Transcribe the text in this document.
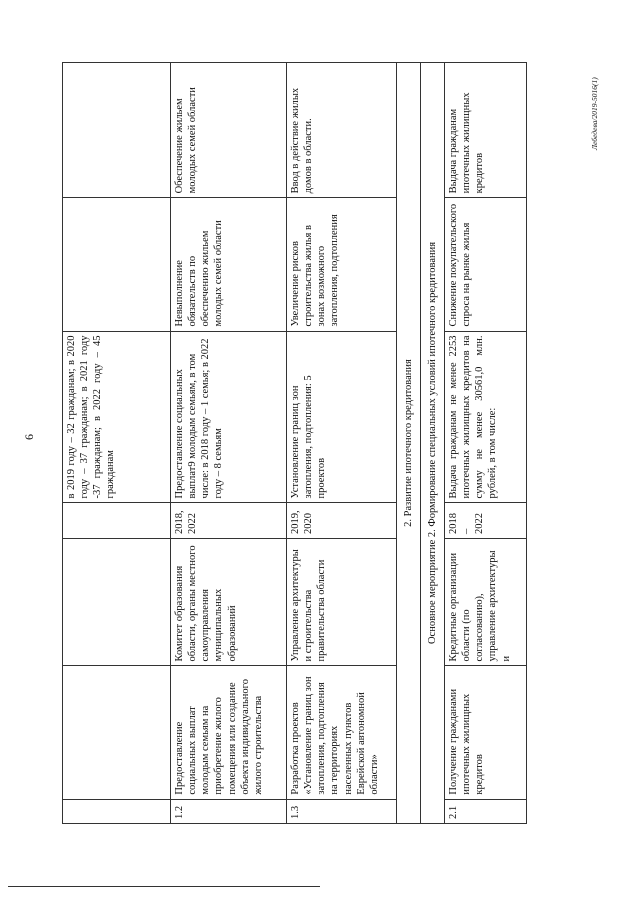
6
Лебедева/2019-5016(1)
				в 2019 году – 32 гражданам; в 2020 году – 37 гражданам; в 2021 году -37 гражданам; в 2022 году – 45 гражданам		
1.2	Предоставление социальных выплат молодым семьям на приобретение жилого помещения или создание объекта индивидуального жилого строительства	Комитет образования области, органы местного самоуправления муниципальных образований	2018, 2022	Предоставление социальных выплат9 молодым семьям, в том числе: в 2018 году – 1 семья; в 2022 году – 8 семьям	Невыполнение обязательств по обеспечению жильем молодых семей области	Обеспечение жильем молодых семей области
1.3	Разработка проектов «Установление границ зон затопления, подтопления на территориях населенных пунктов Еврейской автономной области»	Управление архитектуры и строительства правительства области	2019, 2020	Установление границ зон затопления, подтопления: 5 проектов	Увеличение рисков строительства жилья в зонах возможного затопления, подтопления	Ввод в действие жилых домов в области.
2. Развитие ипотечного кредитования						
Основное мероприятие 2. Формирование специальных условий ипотечного кредитования						
2.1	Получение гражданами ипотечных жилищных кредитов	Кредитные организации области (по согласованию), управление архитектуры и	2018 – 2022	Выдача гражданам не менее 2253 ипотечных жилищных кредитов на сумму не менее 30561,0 млн. рублей, в том числе:	Снижение покупательского спроса на рынке жилья	Выдача гражданам ипотечных жилищных кредитов
